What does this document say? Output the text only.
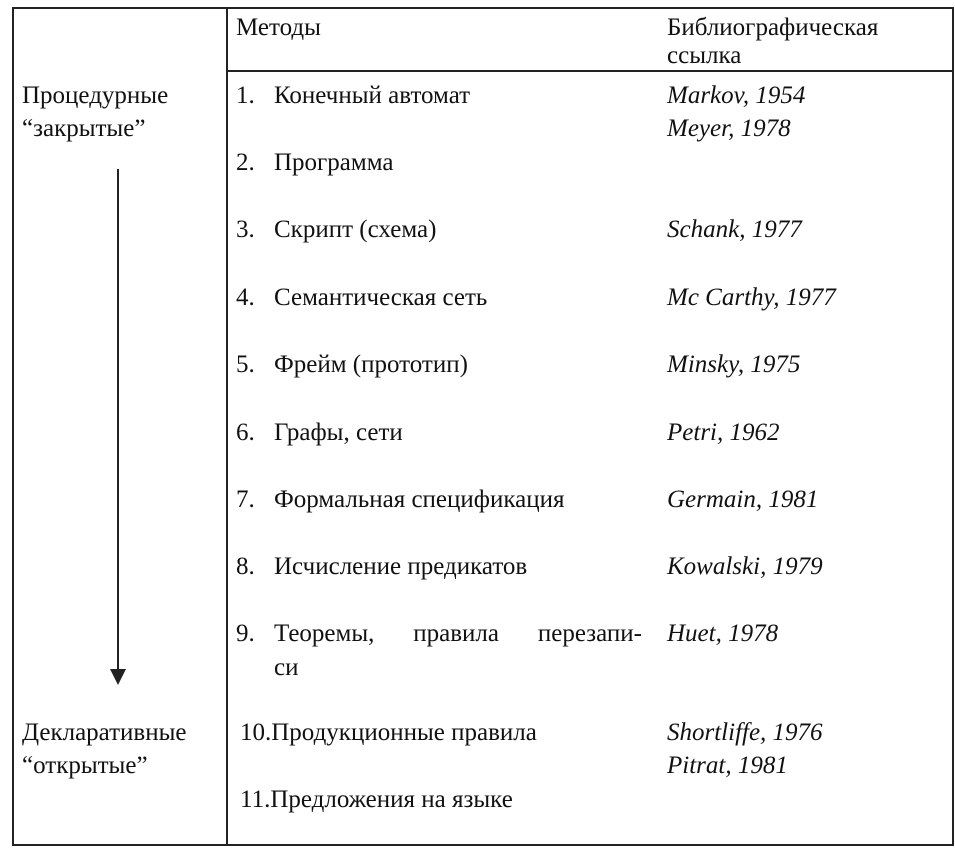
Методы	Библиографическая
ссылка
Процедурные
“закрытые”
Декларативные
“открытые”
1. Конечный автомат
2. Программа
3. Скрипт (схема)
4. Семантическая сеть
5. Фрейм (прототип)
6. Графы, сети
7. Формальная спецификация
8. Исчисление предикатов
9. Теоремы, правила перезапи-
си
10.Продукционные правила
11.Предложения на языке
Markov, 1954
Meyer, 1978
Schank, 1977
Mc Carthy, 1977
Minsky, 1975
Petri, 1962
Germain, 1981
Kowalski, 1979
Huet, 1978
Shortliffe, 1976
Pitrat, 1981
